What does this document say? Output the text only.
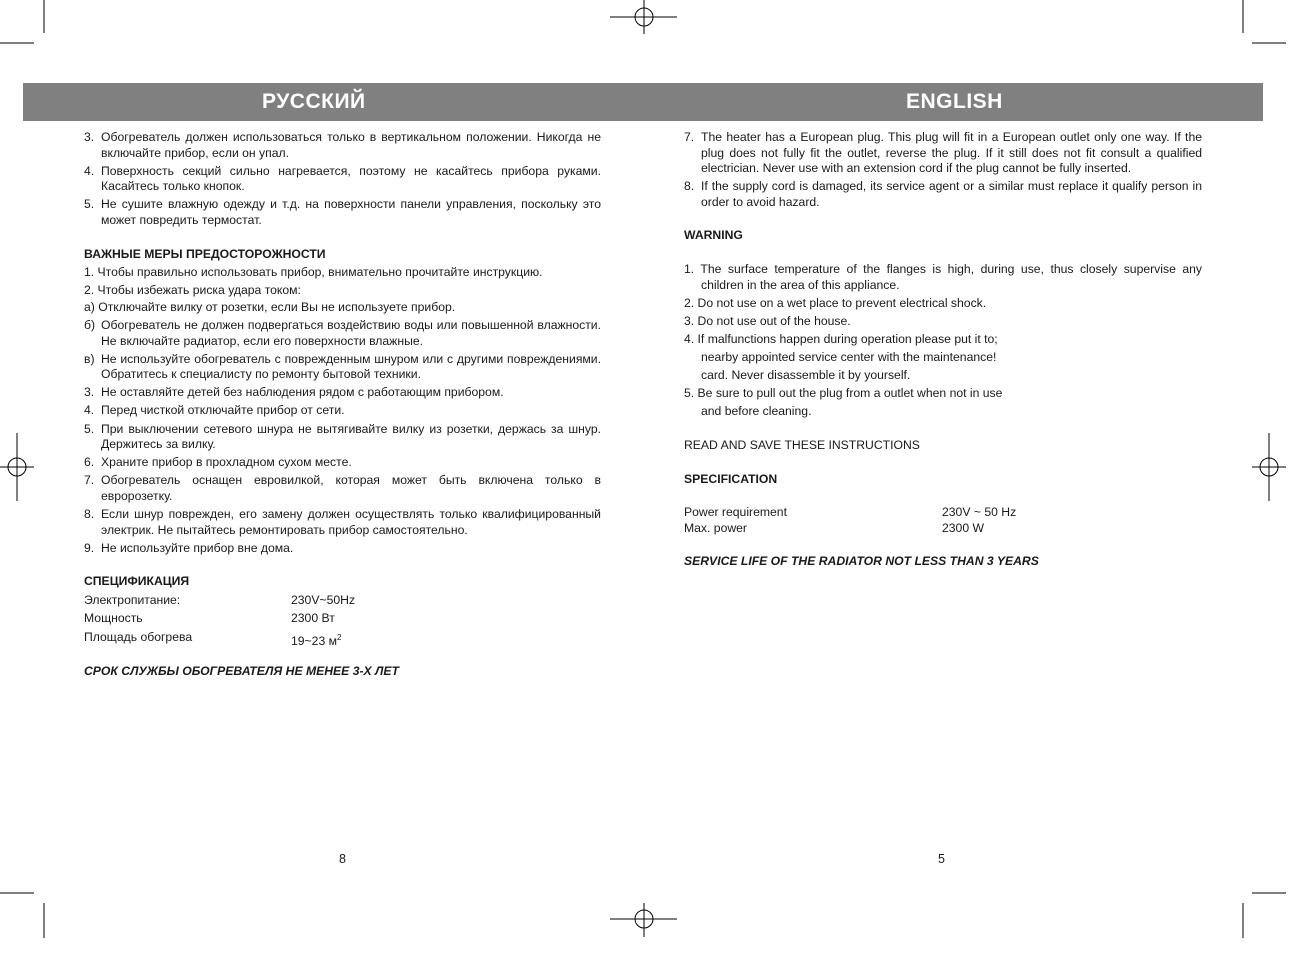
РУССКИЙ	ENGLISH
3. Обогреватель должен использоваться только в вертикальном положении. Никогда не включайте прибор, если он упал.
4. Поверхность секций сильно нагревается, поэтому не касайтесь прибора руками. Касайтесь только кнопок.
5. Не сушите влажную одежду и т.д. на поверхности панели управления, поскольку это может повредить термостат.
ВАЖНЫЕ МЕРЫ ПРЕДОСТОРОЖНОСТИ
1. Чтобы правильно использовать прибор, внимательно прочитайте инструкцию.
2. Чтобы избежать риска удара током:
а) Отключайте вилку от розетки, если Вы не используете прибор.
б) Обогреватель не должен подвергаться воздействию воды или повышенной влажности. Не включайте радиатор, если его поверхности влажные.
в) Не используйте обогреватель с поврежденным шнуром или с другими повреждениями. Обратитесь к специалисту по ремонту бытовой техники.
3. Не оставляйте детей без наблюдения рядом с работающим прибором.
4. Перед чисткой отключайте прибор от сети.
5. При выключении сетевого шнура не вытягивайте вилку из розетки, держась за шнур. Держитесь за вилку.
6. Храните прибор в прохладном сухом месте.
7. Обогреватель оснащен евровилкой, которая может быть включена только в евророзетку.
8. Если шнур поврежден, его замену должен осуществлять только квалифицированный электрик. Не пытайтесь ремонтировать прибор самостоятельно.
9. Не используйте прибор вне дома.
СПЕЦИФИКАЦИЯ
Электропитание:	230V~50Hz
Мощность	2300 Вт
Площадь обогрева	19~23 $м^2$
СРОК СЛУЖБЫ ОБОГРЕВАТЕЛЯ НЕ МЕНЕЕ 3-Х ЛЕТ
7. The heater has a European plug. This plug will fit in a European outlet only one way. If the plug does not fully fit the outlet, reverse the plug. If it still does not fit consult a qualified electrician. Never use with an extension cord if the plug cannot be fully inserted.
8. If the supply cord is damaged, its service agent or a similar must replace it qualify person in order to avoid hazard.
WARNING
1. The surface temperature of the flanges is high, during use, thus closely supervise any children in the area of this appliance.
2. Do not use on a wet place to prevent electrical shock.
3. Do not use out of the house.
4. If malfunctions happen during operation please put it to;
nearby appointed service center with the maintenance!
card. Never disassemble it by yourself.
5. Be sure to pull out the plug from a outlet when not in use
and before cleaning.
READ AND SAVE THESE INSTRUCTIONS
SPECIFICATION
Power requirement	230V ~ 50 Hz
Max. power	2300 W
SERVICE LIFE OF THE RADIATOR NOT LESS THAN 3 YEARS
8	5
